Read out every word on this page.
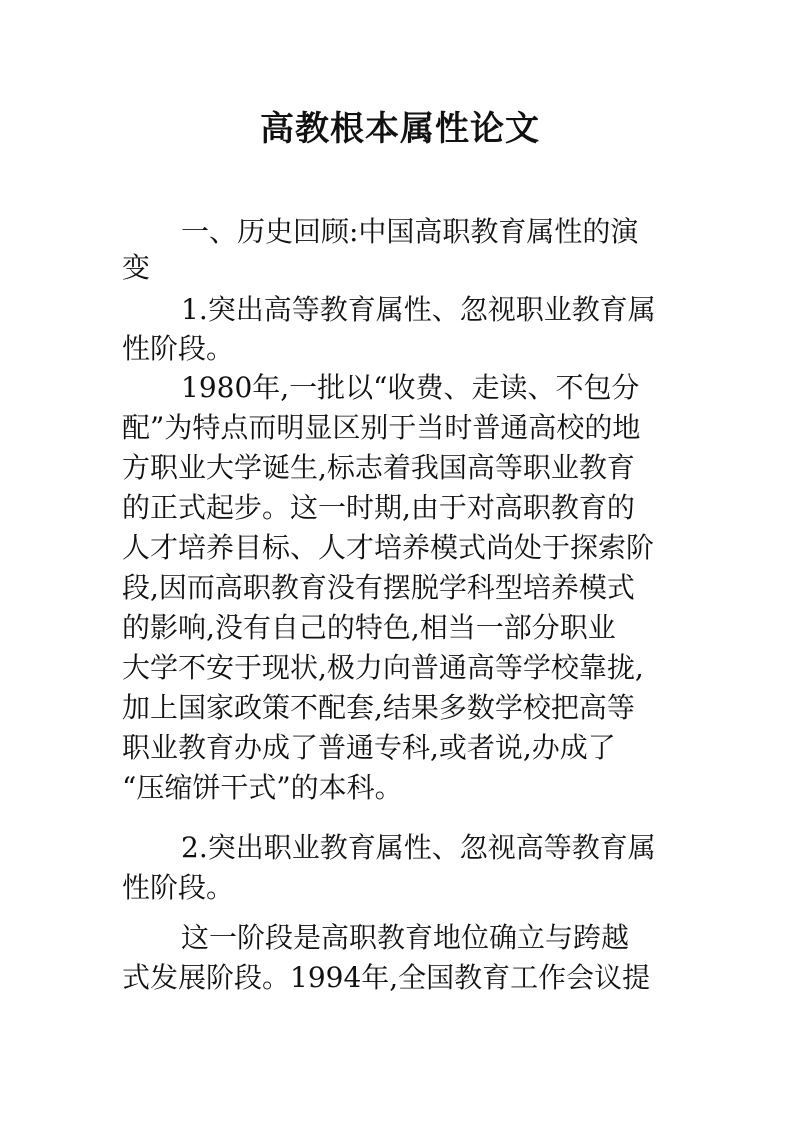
高教根本属性论文
一、历史回顾:中国高职教育属性的演
变
1.突出高等教育属性、忽视职业教育属
性阶段。
1980年,一批以“收费、走读、不包分
配”为特点而明显区别于当时普通高校的地
方职业大学诞生,标志着我国高等职业教育
的正式起步。这一时期,由于对高职教育的
人才培养目标、人才培养模式尚处于探索阶
段,因而高职教育没有摆脱学科型培养模式
的影响,没有自己的特色,相当一部分职业
大学不安于现状,极力向普通高等学校靠拢,
加上国家政策不配套,结果多数学校把高等
职业教育办成了普通专科,或者说,办成了
“压缩饼干式”的本科。
2.突出职业教育属性、忽视高等教育属
性阶段。
这一阶段是高职教育地位确立与跨越
式发展阶段。1994年,全国教育工作会议提
